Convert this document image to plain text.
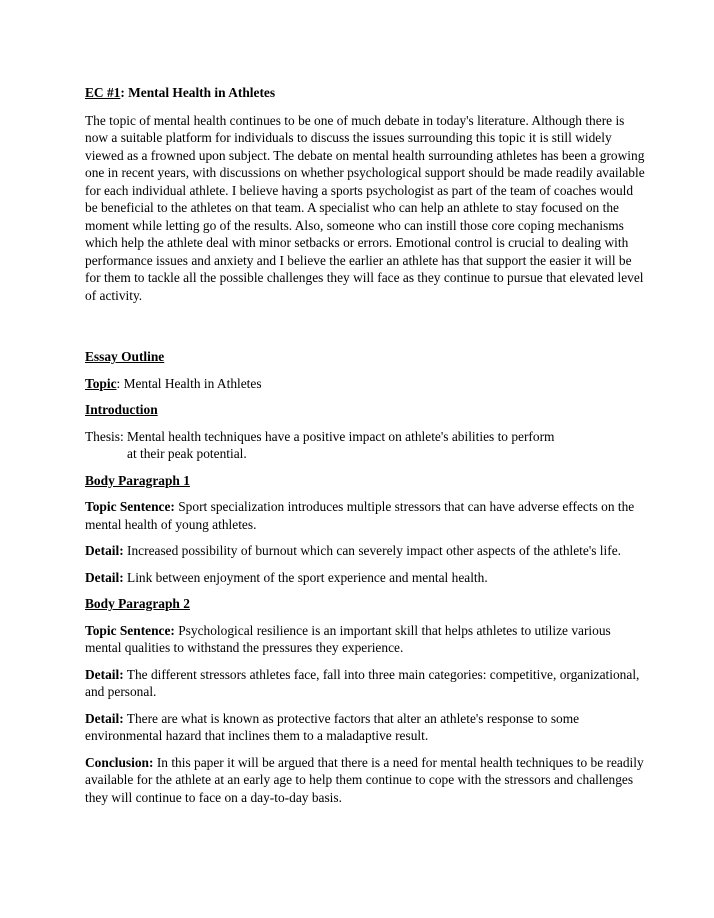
EC #1: Mental Health in Athletes

The topic of mental health continues to be one of much debate in today's literature. Although there is now a suitable platform for individuals to discuss the issues surrounding this topic it is still widely viewed as a frowned upon subject. The debate on mental health surrounding athletes has been a growing one in recent years, with discussions on whether psychological support should be made readily available for each individual athlete. I believe having a sports psychologist as part of the team of coaches would be beneficial to the athletes on that team. A specialist who can help an athlete to stay focused on the moment while letting go of the results. Also, someone who can instill those core coping mechanisms which help the athlete deal with minor setbacks or errors. Emotional control is crucial to dealing with performance issues and anxiety and I believe the earlier an athlete has that support the easier it will be for them to tackle all the possible challenges they will face as they continue to pursue that elevated level of activity.

Essay Outline

Topic: Mental Health in Athletes

Introduction

Thesis: Mental health techniques have a positive impact on athlete's abilities to perform
at their peak potential.

Body Paragraph 1

Topic Sentence: Sport specialization introduces multiple stressors that can have adverse effects on the mental health of young athletes.

Detail: Increased possibility of burnout which can severely impact other aspects of the athlete's life.

Detail: Link between enjoyment of the sport experience and mental health.

Body Paragraph 2

Topic Sentence: Psychological resilience is an important skill that helps athletes to utilize various mental qualities to withstand the pressures they experience.

Detail: The different stressors athletes face, fall into three main categories: competitive, organizational, and personal.

Detail: There are what is known as protective factors that alter an athlete's response to some environmental hazard that inclines them to a maladaptive result.

Conclusion: In this paper it will be argued that there is a need for mental health techniques to be readily available for the athlete at an early age to help them continue to cope with the stressors and challenges they will continue to face on a day-to-day basis.
